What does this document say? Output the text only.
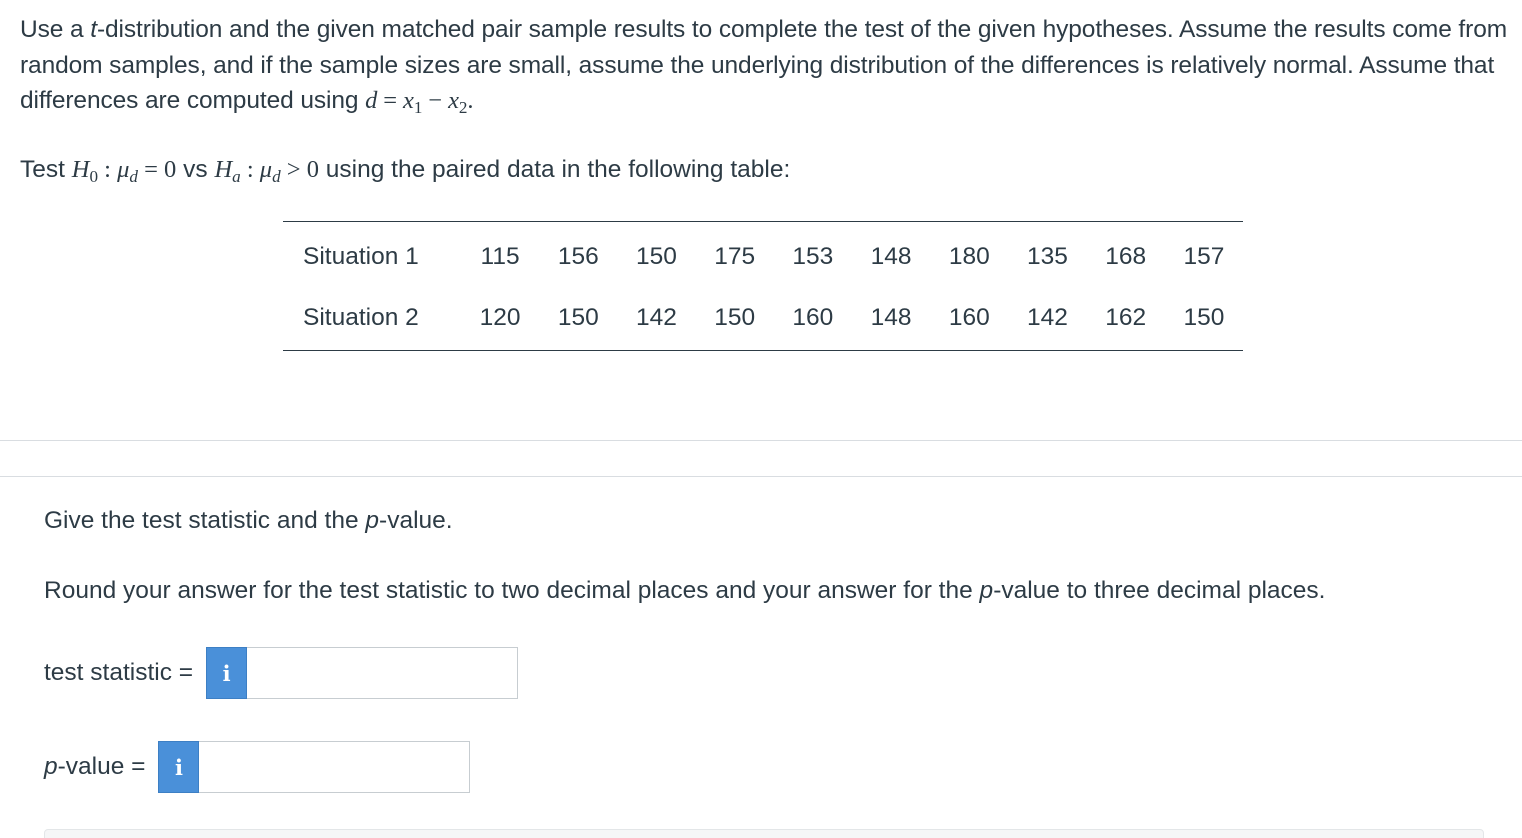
Use a t-distribution and the given matched pair sample results to complete the test of the given hypotheses. Assume the results come from random samples, and if the sample sizes are small, assume the underlying distribution of the differences is relatively normal. Assume that differences are computed using $d = x_1 - x_2$.
Test $H_0$ : $\mu_d = 0$ vs $H_a$ : $\mu_d > 0$ using the paired data in the following table:
Situation 1	115	156	150	175	153	148	180	135	168	157
Situation 2	120	150	142	150	160	148	160	142	162	150
Give the test statistic and the p-value.
Round your answer for the test statistic to two decimal places and your answer for the p-value to three decimal places.
test statistic = i
p-value = i
